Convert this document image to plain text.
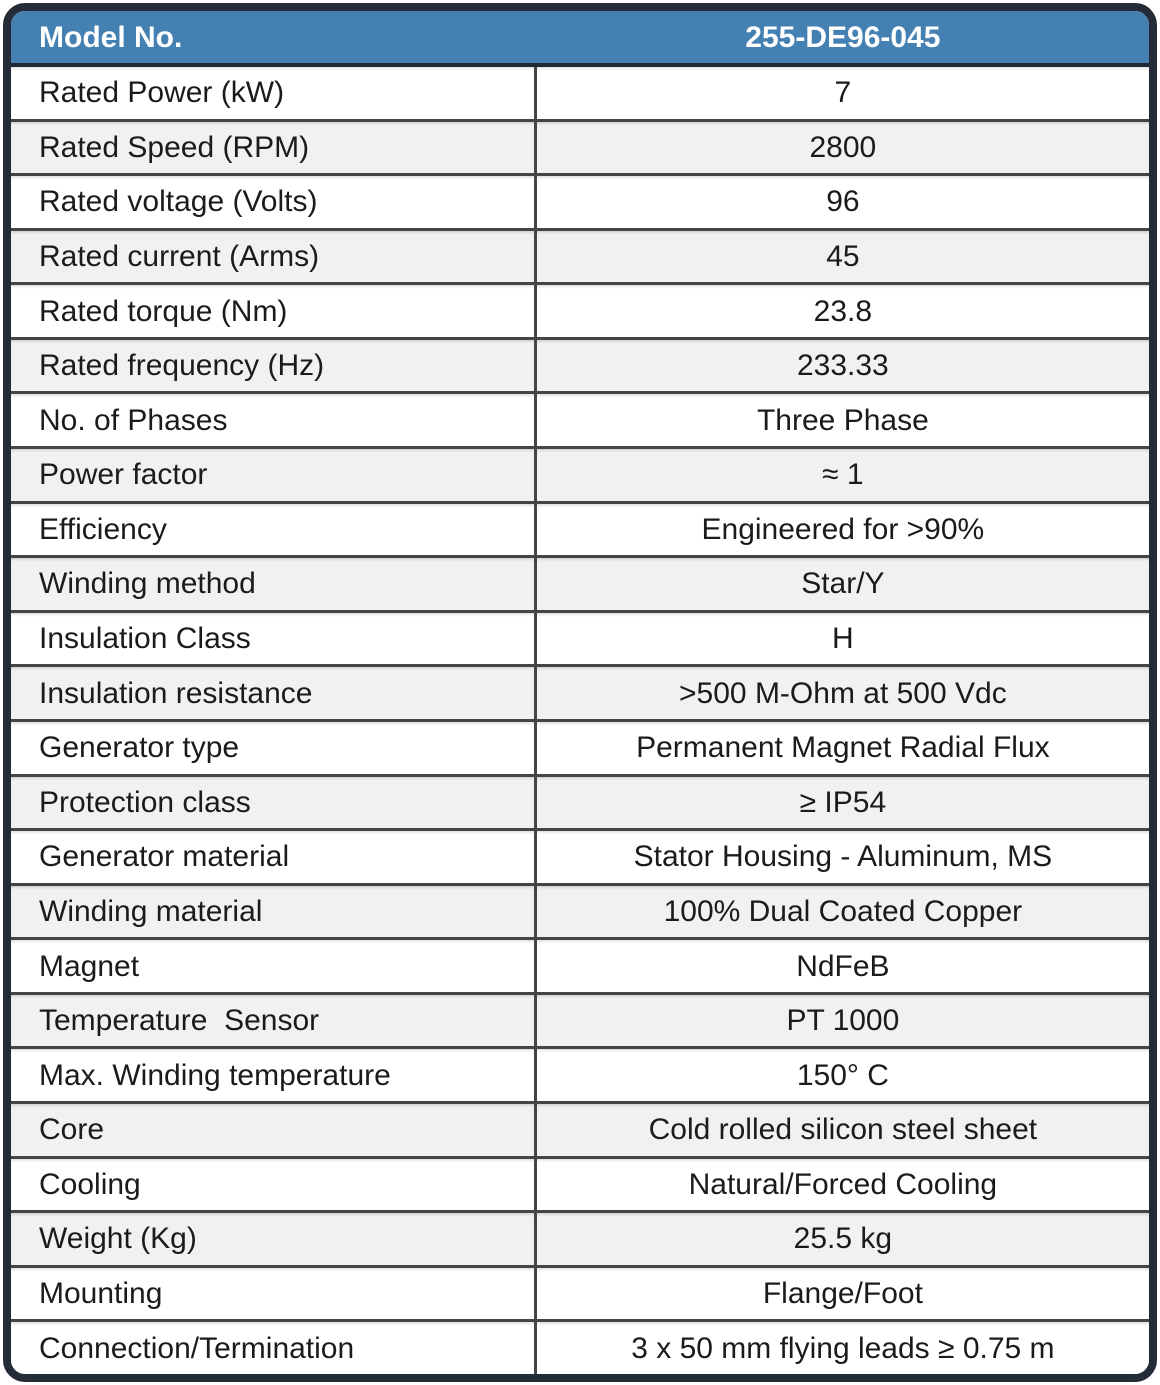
Model No.	255-DE96-045
Rated Power (kW)	7
Rated Speed (RPM)	2800
Rated voltage (Volts)	96
Rated current (Arms)	45
Rated torque (Nm)	23.8
Rated frequency (Hz)	233.33
No. of Phases	Three Phase
Power factor	≈ 1
Efficiency	Engineered for >90%
Winding method	Star/Y
Insulation Class	H
Insulation resistance	>500 M-Ohm at 500 Vdc
Generator type	Permanent Magnet Radial Flux
Protection class	≥ IP54
Generator material	Stator Housing - Aluminum, MS
Winding material	100% Dual Coated Copper
Magnet	NdFeB
Temperature  Sensor	PT 1000
Max. Winding temperature	150° C
Core	Cold rolled silicon steel sheet
Cooling	Natural/Forced Cooling
Weight (Kg)	25.5 kg
Mounting	Flange/Foot
Connection/Termination	3 x 50 mm flying leads ≥ 0.75 m
